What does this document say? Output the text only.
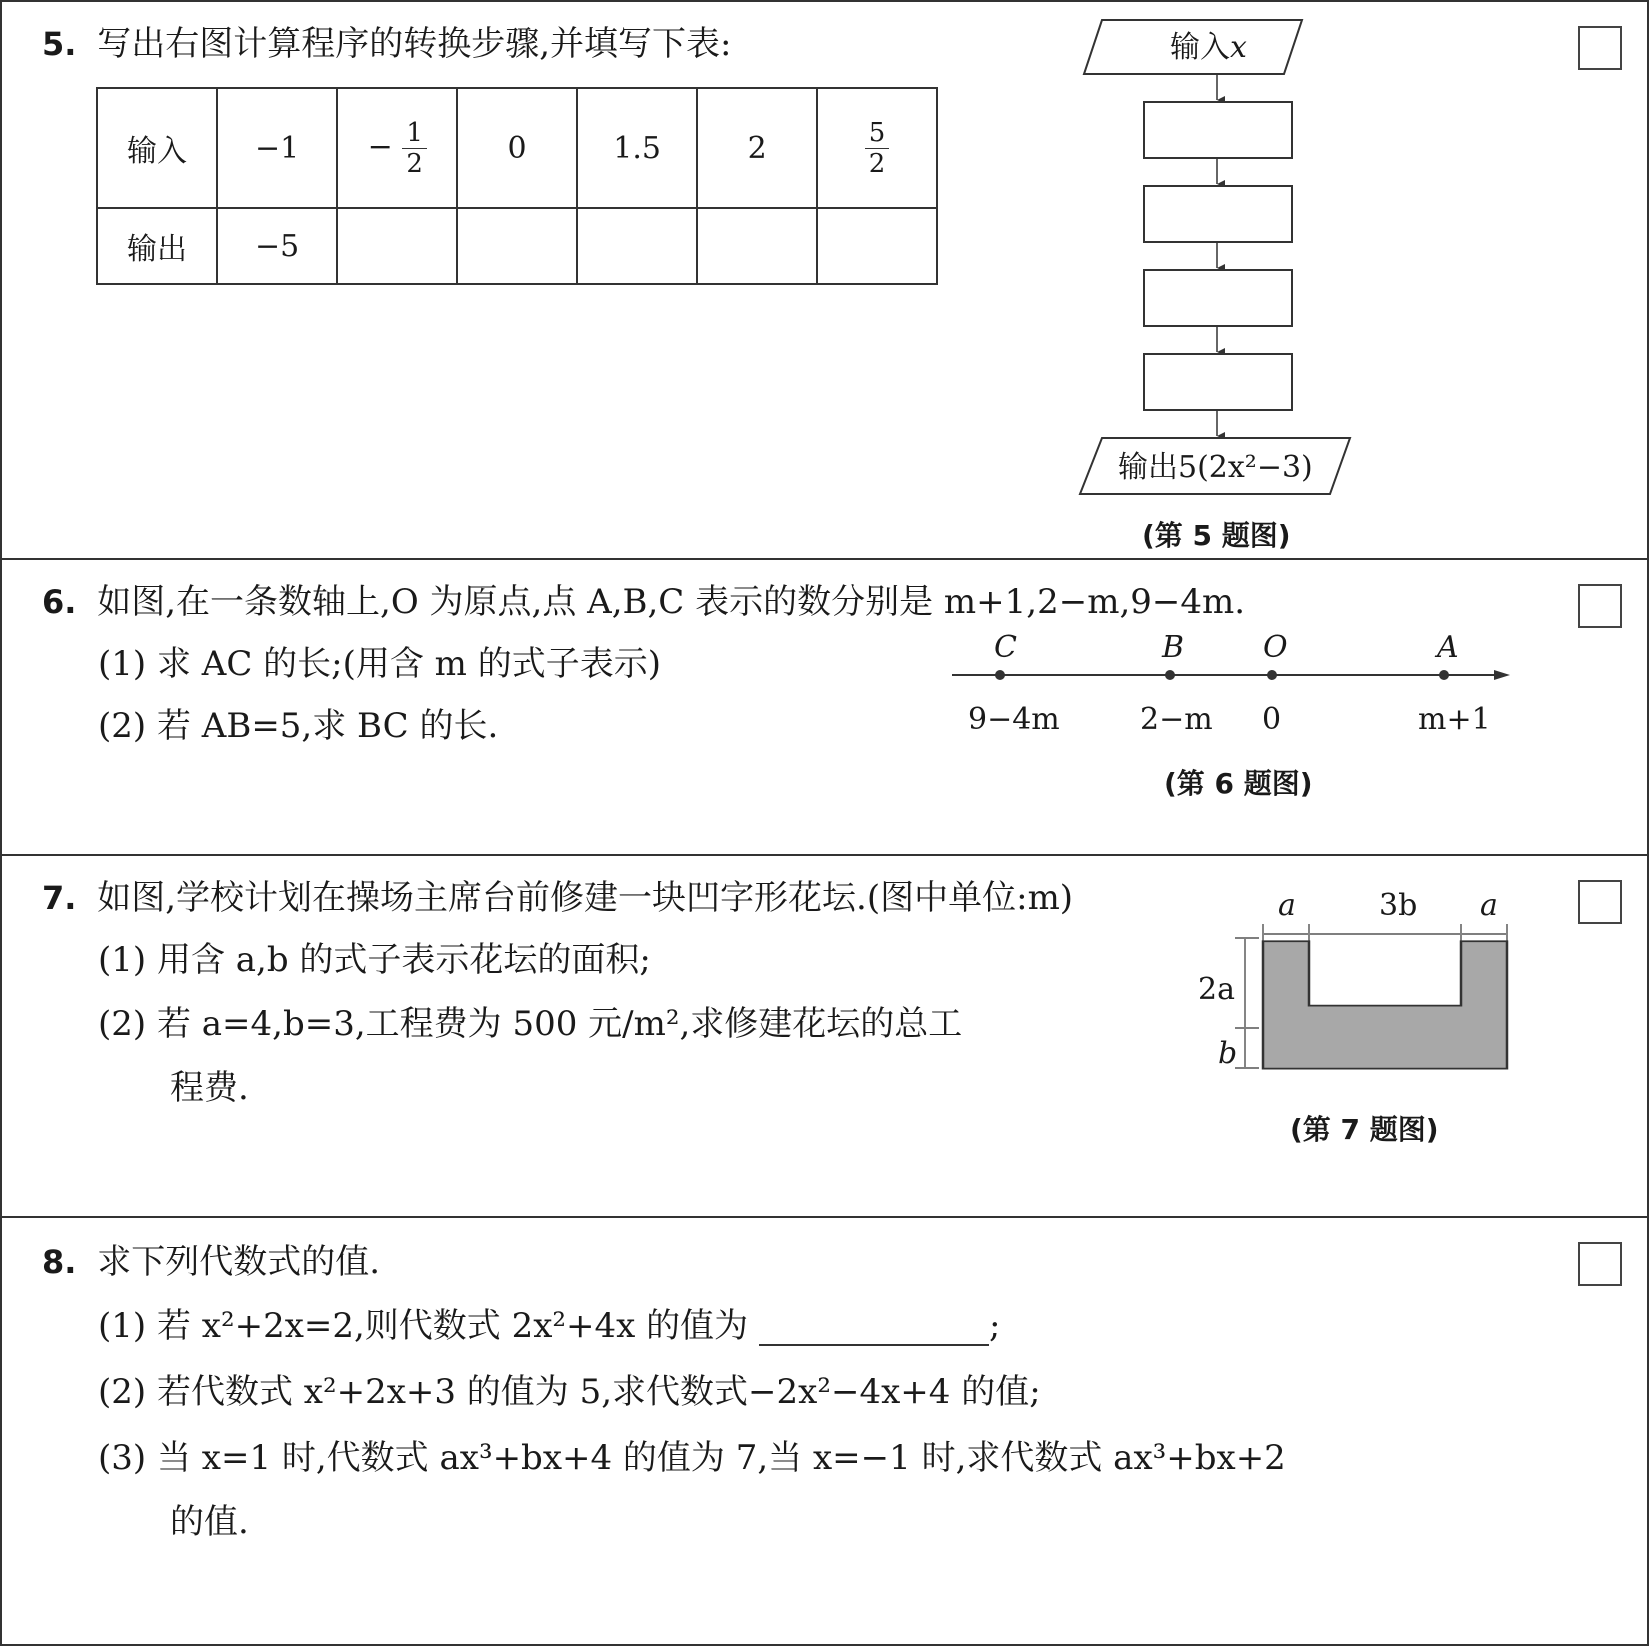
5. 写出右图计算程序的转换步骤,并填写下表:
输入	−1	− $\frac{1}{2}$	0	1.5	2	$\frac{5}{2}$

输出	−5					
输入x
输出5(2x²−3)
(第 5 题图)
6. 如图,在一条数轴上,O 为原点,点 A,B,C 表示的数分别是 m+1,2−m,9−4m.
(1) 求 AC 的长;(用含 m 的式子表示)
(2) 若 AB=5,求 BC 的长.
C	B	O	A
9−4m	2−m 0	m+1
(第 6 题图)
7. 如图,学校计划在操场主席台前修建一块凹字形花坛.(图中单位:m)
(1) 用含 a,b 的式子表示花坛的面积;
(2) 若 a=4,b=3,工程费为 500 元/m²,求修建花坛的总工
程费.
a	3b a
2a
b
(第 7 题图)
8. 求下列代数式的值.
(1) 若 x²+2x=2,则代数式 2x²+4x 的值为	;
(2) 若代数式 x²+2x+3 的值为 5,求代数式−2x²−4x+4 的值;
(3) 当 x=1 时,代数式 ax³+bx+4 的值为 7,当 x=−1 时,求代数式 ax³+bx+2
的值.
